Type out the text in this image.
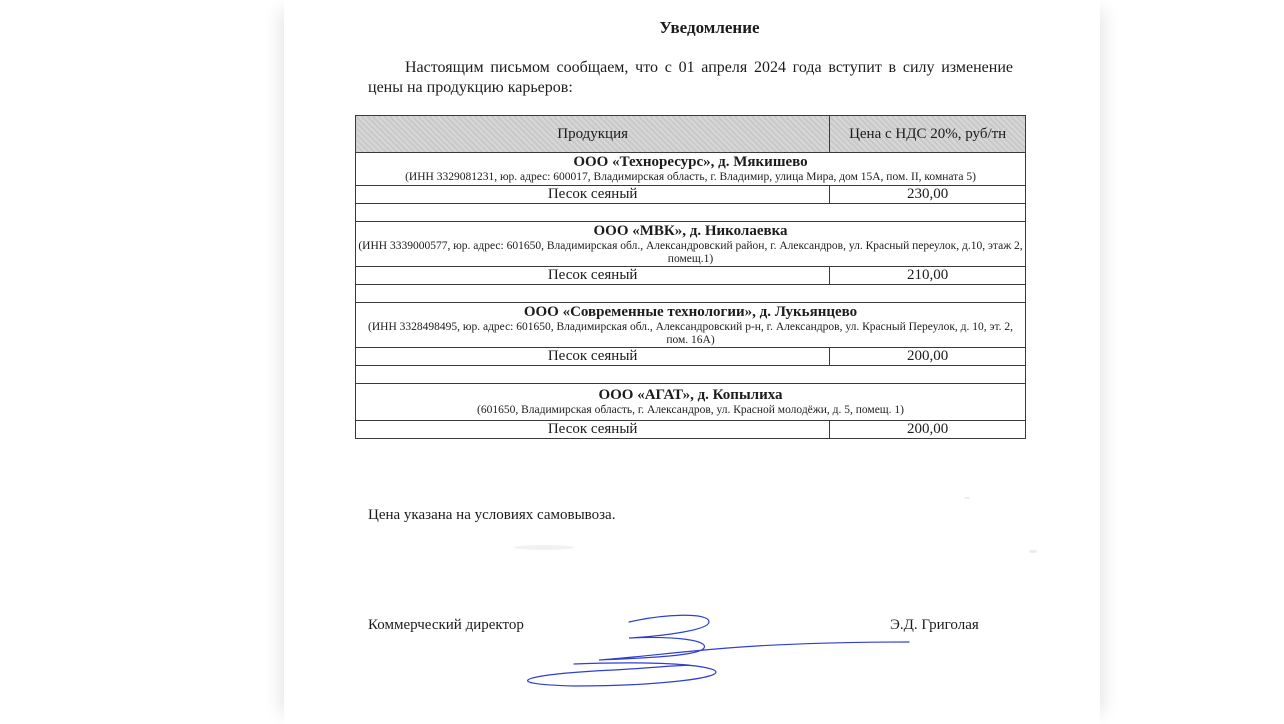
Уведомление
Настоящим письмом сообщаем, что с 01 апреля 2024 года вступит в силу изменение цены на продукцию карьеров:
Продукция	Цена с НДС 20%, руб/тн

ООО «Техноресурс», д. Мякишево
(ИНН 3329081231, юр. адрес: 600017, Владимирская область, г. Владимир, улица Мира, дом 15А, пом. II, комната 5)	

Песок сеяный	230,00

ООО «МВК», д. Николаевка
(ИНН 3339000577, юр. адрес: 601650, Владимирская обл., Александровский район, г. Александров, ул. Красный переулок, д.10, этаж 2, помещ.1)	

Песок сеяный	210,00

ООО «Современные технологии», д. Лукьянцево
(ИНН 3328498495, юр. адрес: 601650, Владимирская обл., Александровский р-н, г. Александров, ул. Красный Переулок, д. 10, эт. 2, пом. 16А)	

Песок сеяный	200,00

ООО «АГАТ», д. Копылиха
(601650, Владимирская область, г. Александров, ул. Красной молодёжи, д. 5, помещ. 1)	

Песок сеяный	200,00
Цена указана на условиях самовывоза.
Коммерческий директор	Э.Д. Григолая
